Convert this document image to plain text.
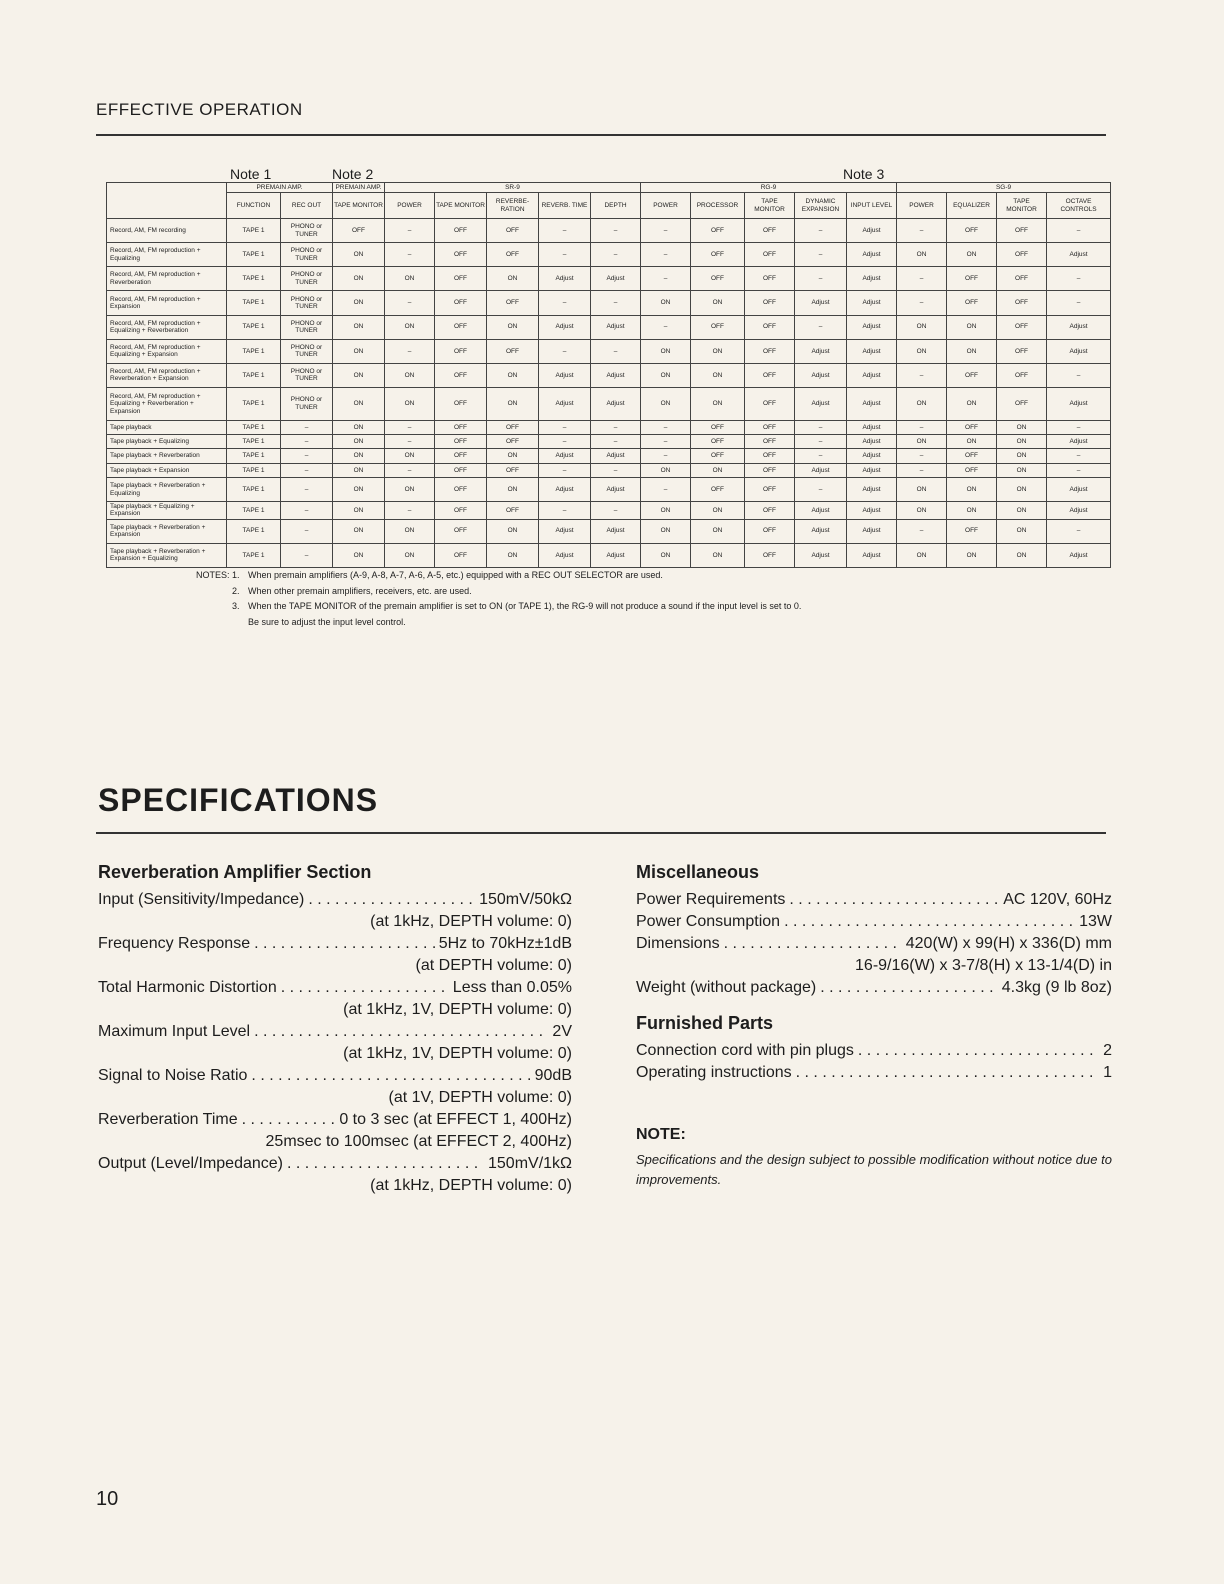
EFFECTIVE OPERATION
Note 1	Note 2	Note 3
	PREMAIN AMP.		PREMAIN AMP.	SR-9					RG-9					SG-9			
	FUNCTION	REC OUT	TAPE MONITOR	POWER	TAPE MONITOR	REVERBE-RATION	REVERB. TIME	DEPTH	POWER	PROCESSOR	TAPE MONITOR	DYNAMIC EXPANSION	INPUT LEVEL	POWER	EQUALIZER	TAPE MONITOR	OCTAVE CONTROLS
Record, AM, FM recording	TAPE 1	PHONO or TUNER	OFF	–	OFF	OFF	–	–	–	OFF	OFF	–	Adjust	–	OFF	OFF	–
Record, AM, FM reproduction + Equalizing	TAPE 1	PHONO or TUNER	ON	–	OFF	OFF	–	–	–	OFF	OFF	–	Adjust	ON	ON	OFF	Adjust
Record, AM, FM reproduction + Reverberation	TAPE 1	PHONO or TUNER	ON	ON	OFF	ON	Adjust	Adjust	–	OFF	OFF	–	Adjust	–	OFF	OFF	–
Record, AM, FM reproduction + Expansion	TAPE 1	PHONO or TUNER	ON	–	OFF	OFF	–	–	ON	ON	OFF	Adjust	Adjust	–	OFF	OFF	–
Record, AM, FM reproduction + Equalizing + Reverberation	TAPE 1	PHONO or TUNER	ON	ON	OFF	ON	Adjust	Adjust	–	OFF	OFF	–	Adjust	ON	ON	OFF	Adjust
Record, AM, FM reproduction + Equalizing + Expansion	TAPE 1	PHONO or TUNER	ON	–	OFF	OFF	–	–	ON	ON	OFF	Adjust	Adjust	ON	ON	OFF	Adjust
Record, AM, FM reproduction + Reverberation + Expansion	TAPE 1	PHONO or TUNER	ON	ON	OFF	ON	Adjust	Adjust	ON	ON	OFF	Adjust	Adjust	–	OFF	OFF	–
Record, AM, FM reproduction + Equalizing + Reverberation + Expansion	TAPE 1	PHONO or TUNER	ON	ON	OFF	ON	Adjust	Adjust	ON	ON	OFF	Adjust	Adjust	ON	ON	OFF	Adjust
Tape playback	TAPE 1	–	ON	–	OFF	OFF	–	–	–	OFF	OFF	–	Adjust	–	OFF	ON	–
Tape playback + Equalizing	TAPE 1	–	ON	–	OFF	OFF	–	–	–	OFF	OFF	–	Adjust	ON	ON	ON	Adjust
Tape playback + Reverberation	TAPE 1	–	ON	ON	OFF	ON	Adjust	Adjust	–	OFF	OFF	–	Adjust	–	OFF	ON	–
Tape playback + Expansion	TAPE 1	–	ON	–	OFF	OFF	–	–	ON	ON	OFF	Adjust	Adjust	–	OFF	ON	–
Tape playback + Reverberation + Equalizing	TAPE 1	–	ON	ON	OFF	ON	Adjust	Adjust	–	OFF	OFF	–	Adjust	ON	ON	ON	Adjust
Tape playback + Equalizing + Expansion	TAPE 1	–	ON	–	OFF	OFF	–	–	ON	ON	OFF	Adjust	Adjust	ON	ON	ON	Adjust
Tape playback + Reverberation + Expansion	TAPE 1	–	ON	ON	OFF	ON	Adjust	Adjust	ON	ON	OFF	Adjust	Adjust	–	OFF	ON	–
Tape playback + Reverberation + Expansion + Equalizing	TAPE 1	–	ON	ON	OFF	ON	Adjust	Adjust	ON	ON	OFF	Adjust	Adjust	ON	ON	ON	Adjust
NOTES: 1. When premain amplifiers (A-9, A-8, A-7, A-6, A-5, etc.) equipped with a REC OUT SELECTOR are used.
2. When other premain amplifiers, receivers, etc. are used.
3. When the TAPE MONITOR of the premain amplifier is set to ON (or TAPE 1), the RG-9 will not produce a sound if the input level is set to 0.
Be sure to adjust the input level control.
SPECIFICATIONS
Reverberation Amplifier Section
Input (Sensitivity/Impedance) . . .	150mV/50kΩ
(at 1kHz, DEPTH volume: 0)
Frequency Response . . .	5Hz to 70kHz±1dB
(at DEPTH volume: 0)
Total Harmonic Distortion . . .	Less than 0.05%
(at 1kHz, 1V, DEPTH volume: 0)
Maximum Input Level . . .	2V
(at 1kHz, 1V, DEPTH volume: 0)
Signal to Noise Ratio . . .	90dB
(at 1V, DEPTH volume: 0)
Reverberation Time . . .	0 to 3 sec (at EFFECT 1, 400Hz)
25msec to 100msec (at EFFECT 2, 400Hz)
Output (Level/Impedance) . . .	150mV/1kΩ
(at 1kHz, DEPTH volume: 0)
Miscellaneous
Power Requirements . . .	AC 120V, 60Hz
Power Consumption . . .	13W
Dimensions . . .	420(W) x 99(H) x 336(D) mm
16-9/16(W) x 3-7/8(H) x 13-1/4(D) in
Weight (without package) . . .	4.3kg (9 lb 8oz)
Furnished Parts
Connection cord with pin plugs . . .	2
Operating instructions . . .	1
NOTE:
Specifications and the design subject to possible modification without notice due to improvements.
10
